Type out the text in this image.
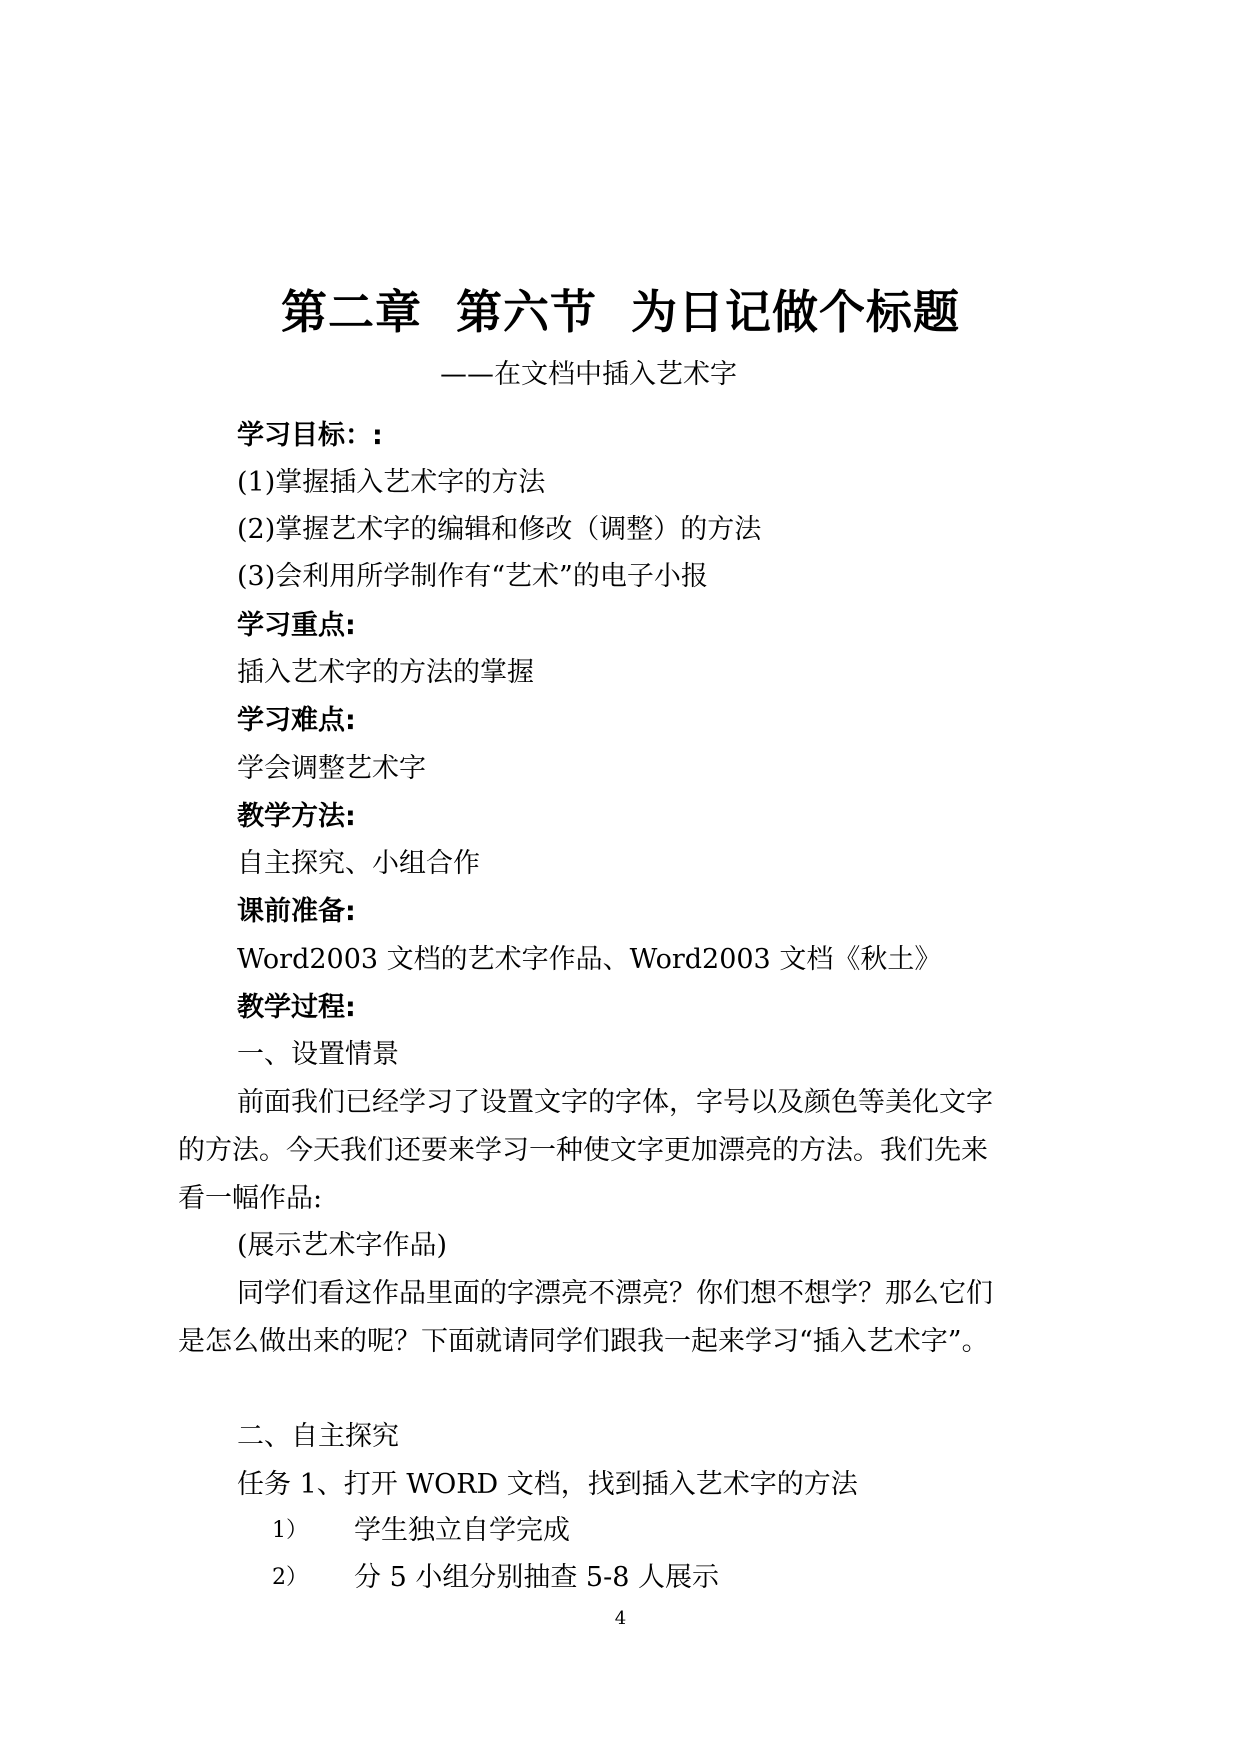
第二章  第六节  为日记做个标题
——在文档中插入艺术字
学习目标：:
(1)掌握插入艺术字的方法
(2)掌握艺术字的编辑和修改（调整）的方法
(3)会利用所学制作有“艺术”的电子小报
学习重点:
插入艺术字的方法的掌握
学习难点:
学会调整艺术字
教学方法:
自主探究、小组合作
课前准备:
Word2003 文档的艺术字作品、Word2003 文档《秋土》
教学过程:
一、设置情景
前面我们已经学习了设置文字的字体，字号以及颜色等美化文字
的方法。今天我们还要来学习一种使文字更加漂亮的方法。我们先来
看一幅作品:
(展示艺术字作品)
同学们看这作品里面的字漂亮不漂亮？你们想不想学？那么它们
是怎么做出来的呢？下面就请同学们跟我一起来学习“插入艺术字”。
二、自主探究
任务 1、打开 WORD 文档，找到插入艺术字的方法
1） 学生独立自学完成
2） 分 5 小组分别抽查 5-8 人展示
4
